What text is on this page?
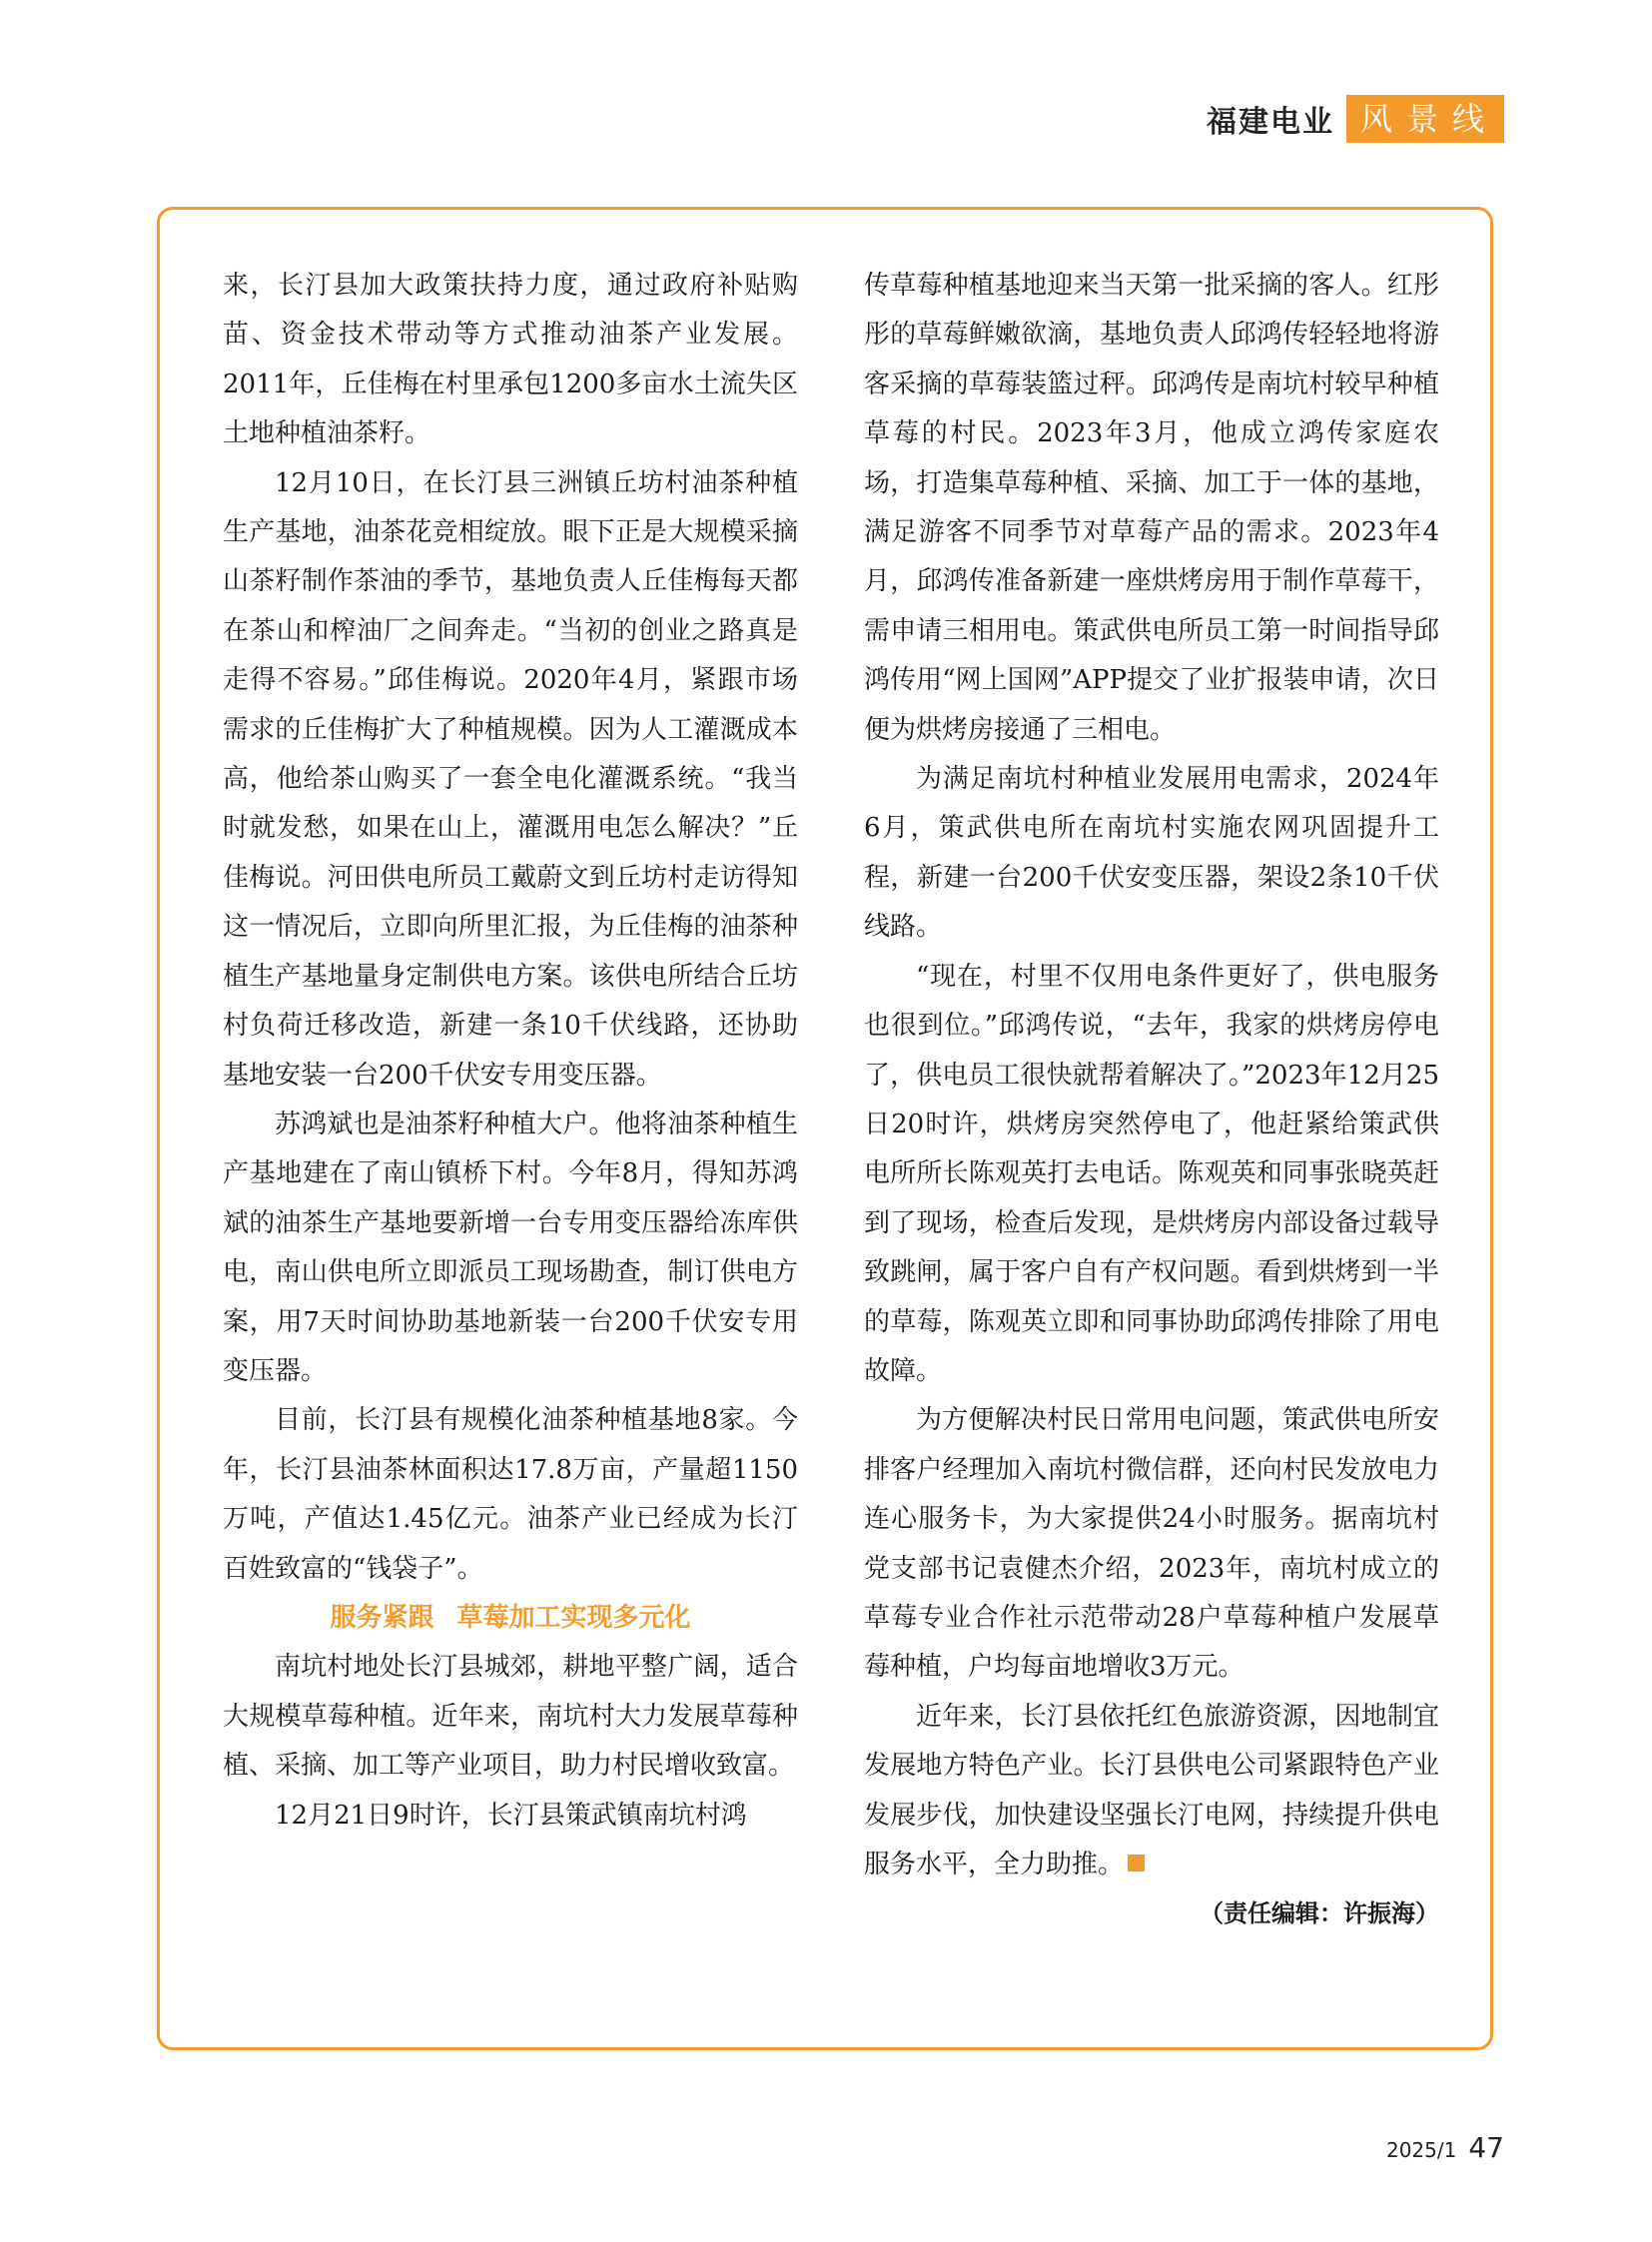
福建电业 风景线

来，长汀县加大政策扶持力度，通过政府补贴购苗、资金技术带动等方式推动油茶产业发展。2011年，丘佳梅在村里承包1200多亩水土流失区土地种植油茶籽。

12月10日，在长汀县三洲镇丘坊村油茶种植生产基地，油茶花竞相绽放。眼下正是大规模采摘山茶籽制作茶油的季节，基地负责人丘佳梅每天都在茶山和榨油厂之间奔走。“当初的创业之路真是走得不容易。”邱佳梅说。2020年4月，紧跟市场需求的丘佳梅扩大了种植规模。因为人工灌溉成本高，他给茶山购买了一套全电化灌溉系统。“我当时就发愁，如果在山上，灌溉用电怎么解决？”丘佳梅说。河田供电所员工戴蔚文到丘坊村走访得知这一情况后，立即向所里汇报，为丘佳梅的油茶种植生产基地量身定制供电方案。该供电所结合丘坊村负荷迁移改造，新建一条10千伏线路，还协助基地安装一台200千伏安专用变压器。

苏鸿斌也是油茶籽种植大户。他将油茶种植生产基地建在了南山镇桥下村。今年8月，得知苏鸿斌的油茶生产基地要新增一台专用变压器给冻库供电，南山供电所立即派员工现场勘查，制订供电方案，用7天时间协助基地新装一台200千伏安专用变压器。

目前，长汀县有规模化油茶种植基地8家。今年，长汀县油茶林面积达17.8万亩，产量超1150万吨，产值达1.45亿元。油茶产业已经成为长汀百姓致富的“钱袋子”。

服务紧跟 草莓加工实现多元化

南坑村地处长汀县城郊，耕地平整广阔，适合大规模草莓种植。近年来，南坑村大力发展草莓种植、采摘、加工等产业项目，助力村民增收致富。

12月21日9时许，长汀县策武镇南坑村鸿

传草莓种植基地迎来当天第一批采摘的客人。红彤彤的草莓鲜嫩欲滴，基地负责人邱鸿传轻轻地将游客采摘的草莓装篮过秤。邱鸿传是南坑村较早种植草莓的村民。2023年3月，他成立鸿传家庭农场，打造集草莓种植、采摘、加工于一体的基地，满足游客不同季节对草莓产品的需求。2023年4月，邱鸿传准备新建一座烘烤房用于制作草莓干，需申请三相用电。策武供电所员工第一时间指导邱鸿传用“网上国网”APP提交了业扩报装申请，次日便为烘烤房接通了三相电。

为满足南坑村种植业发展用电需求，2024年6月，策武供电所在南坑村实施农网巩固提升工程，新建一台200千伏安变压器，架设2条10千伏线路。

“现在，村里不仅用电条件更好了，供电服务也很到位。”邱鸿传说，“去年，我家的烘烤房停电了，供电员工很快就帮着解决了。”2023年12月25日20时许，烘烤房突然停电了，他赶紧给策武供电所所长陈观英打去电话。陈观英和同事张晓英赶到了现场，检查后发现，是烘烤房内部设备过载导致跳闸，属于客户自有产权问题。看到烘烤到一半的草莓，陈观英立即和同事协助邱鸿传排除了用电故障。

为方便解决村民日常用电问题，策武供电所安排客户经理加入南坑村微信群，还向村民发放电力连心服务卡，为大家提供24小时服务。据南坑村党支部书记袁健杰介绍，2023年，南坑村成立的草莓专业合作社示范带动28户草莓种植户发展草莓种植，户均每亩地增收3万元。

近年来，长汀县依托红色旅游资源，因地制宜发展地方特色产业。长汀县供电公司紧跟特色产业发展步伐，加快建设坚强长汀电网，持续提升供电服务水平，全力助推。

（责任编辑：许振海）
2025/1 47
